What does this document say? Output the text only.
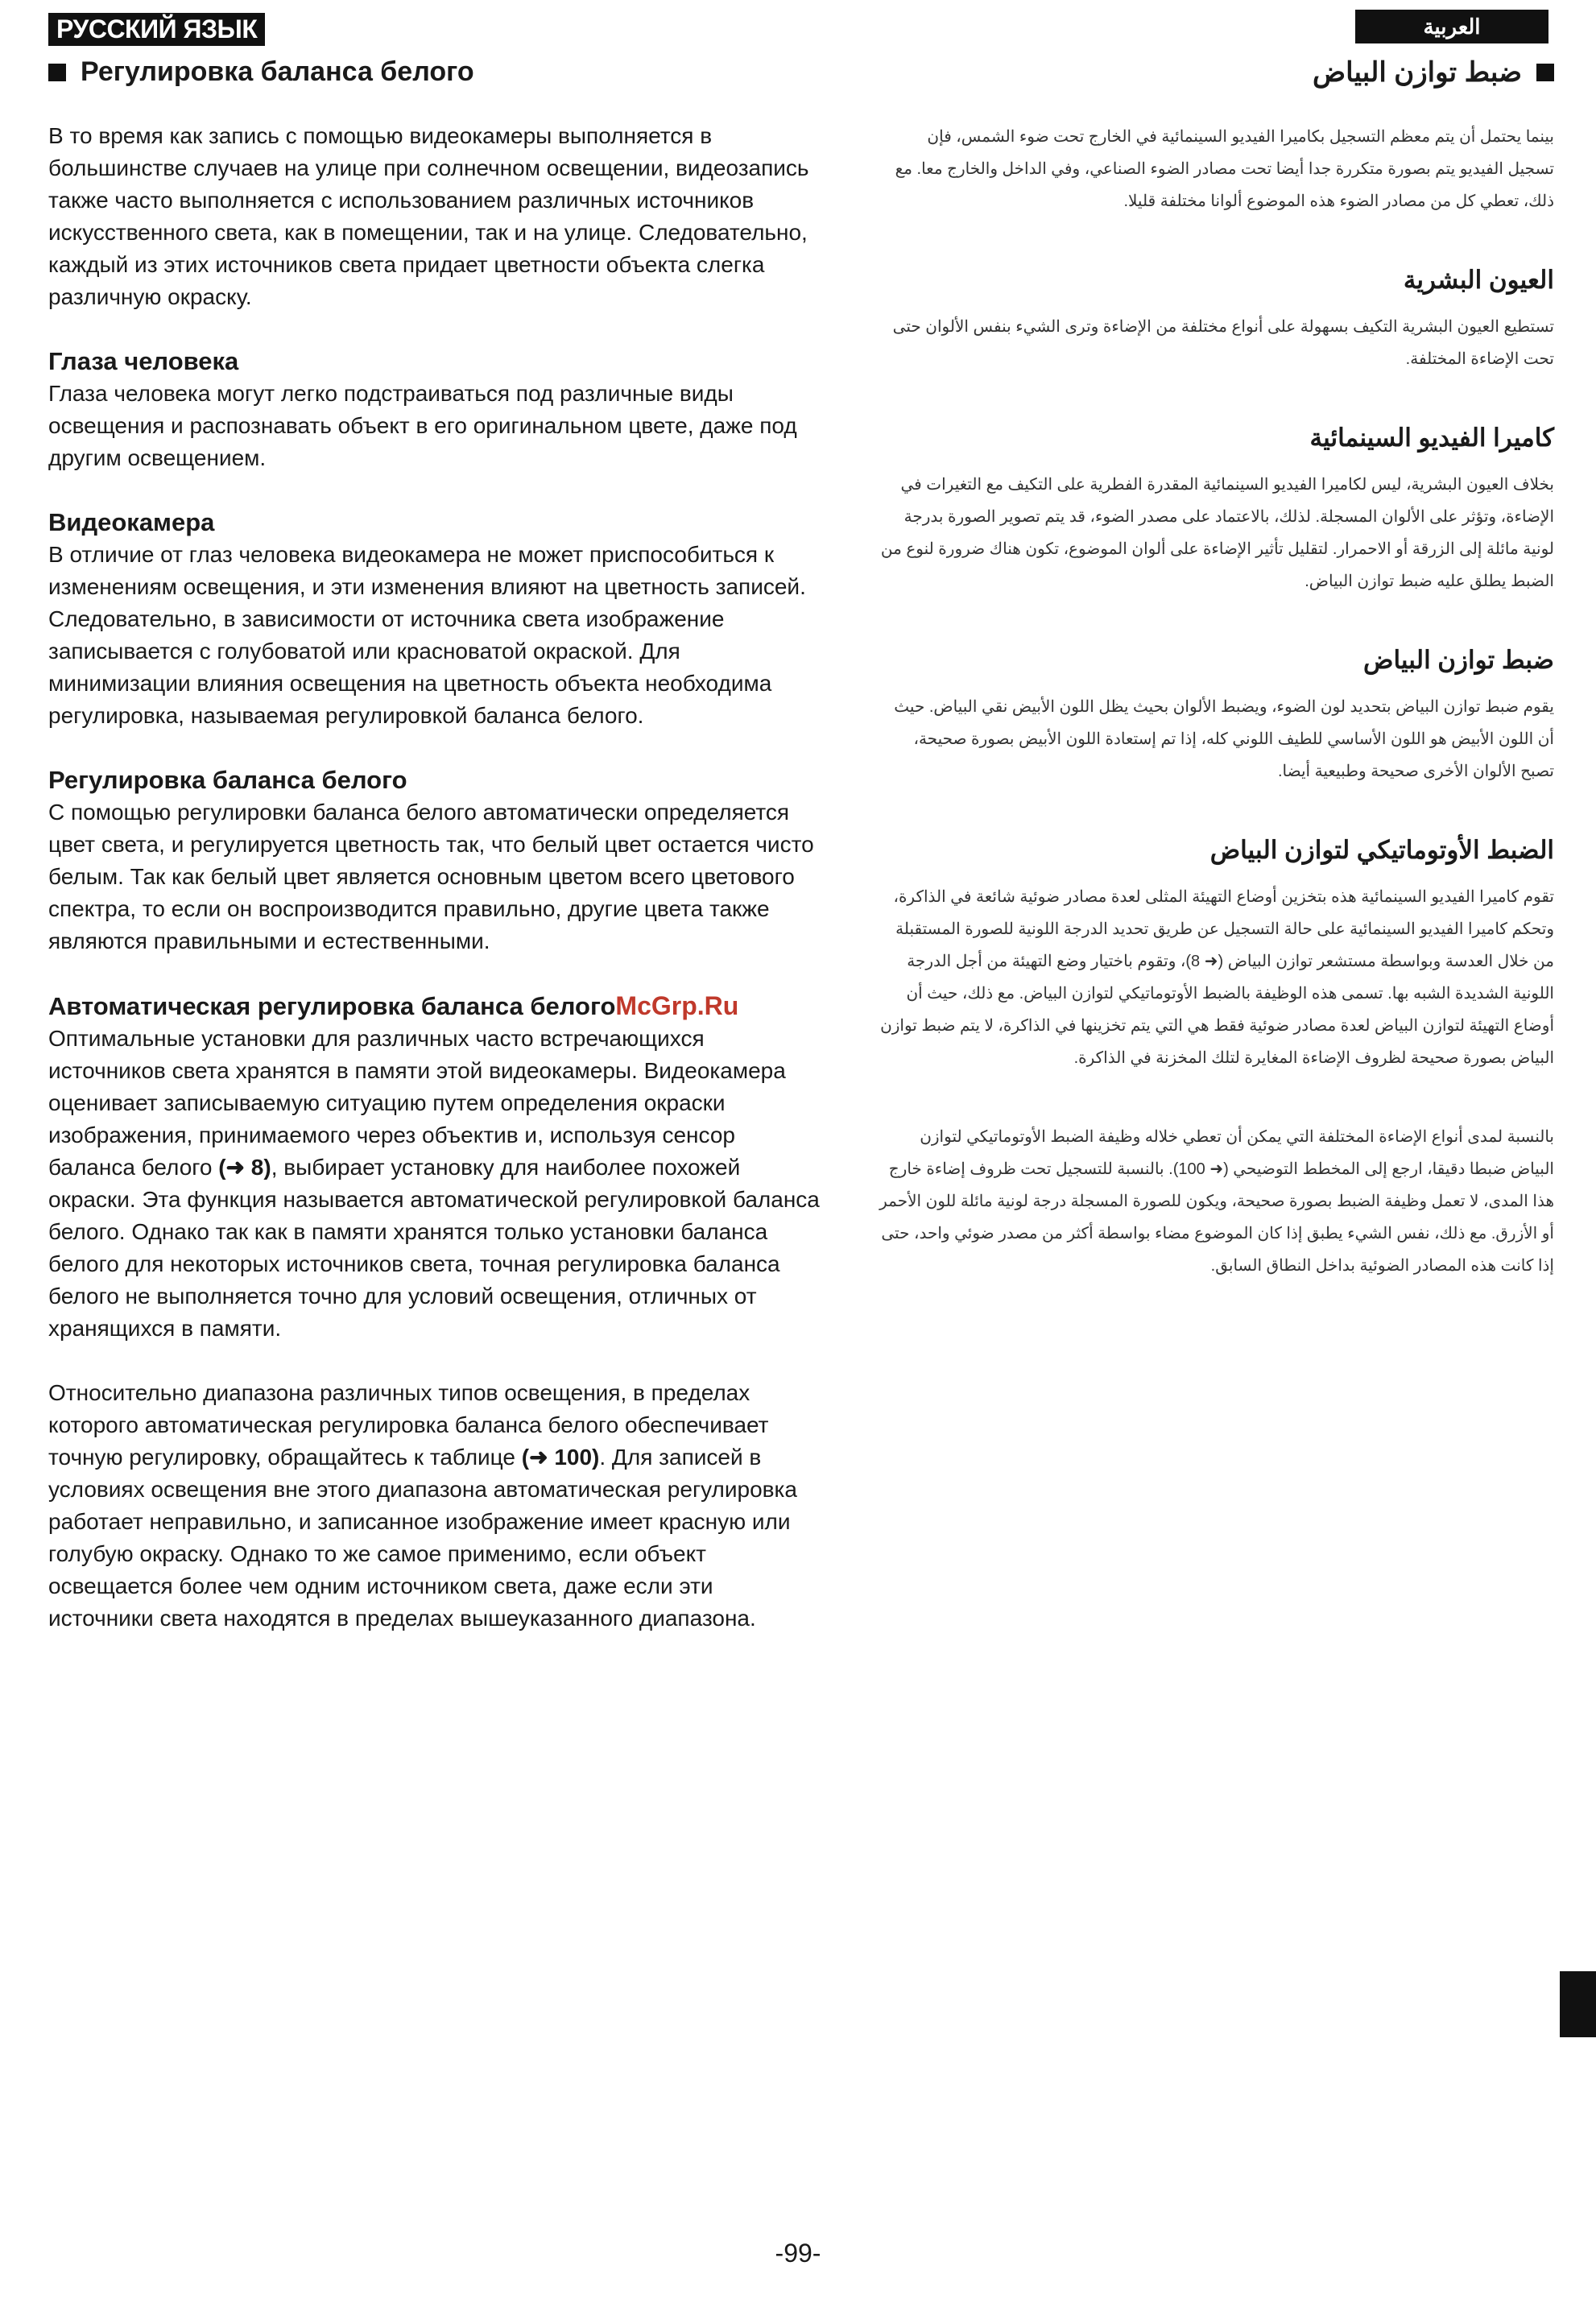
РУССКИЙ ЯЗЫК	العربية
Регулировка баланса белого

В то время как запись с помощью видеокамеры выполняется в большинстве случаев на улице при солнечном освещении, видеозапись также часто выполняется с использованием различных источников искусственного света, как в помещении, так и на улице. Следовательно, каждый из этих источников света придает цветности объекта слегка различную окраску.

Глаза человека

Глаза человека могут легко подстраиваться под различные виды освещения и распознавать объект в его оригинальном цвете, даже под другим освещением.

Видеокамера

В отличие от глаз человека видеокамера не может приспособиться к изменениям освещения, и эти изменения влияют на цветность записей.

Следовательно, в зависимости от источника света изображение записывается с голубоватой или красноватой окраской. Для минимизации влияния освещения на цветность объекта необходима регулировка, называемая регулировкой баланса белого.

Регулировка баланса белого

С помощью регулировки баланса белого автоматически определяется цвет света, и регулируется цветность так, что белый цвет остается чисто белым. Так как белый цвет является основным цветом всего цветового спектра, то если он воспроизводится правильно, другие цвета также являются правильными и естественными.

Автоматическая регулировка баланса белогоMcGrp.Ru

Оптимальные установки для различных часто встречающихся источников света хранятся в памяти этой видеокамеры. Видеокамера оценивает записываемую ситуацию путем определения окраски изображения, принимаемого через объектив и, используя сенсор баланса белого (➜ 8), выбирает установку для наиболее похожей окраски. Эта функция называется автоматической регулировкой баланса белого. Однако так как в памяти хранятся только установки баланса белого для некоторых источников света, точная регулировка баланса белого не выполняется точно для условий освещения, отличных от хранящихся в памяти.

Относительно диапазона различных типов освещения, в пределах которого автоматическая регулировка баланса белого обеспечивает точную регулировку, обращайтесь к таблице (➜ 100). Для записей в условиях освещения вне этого диапазона автоматическая регулировка работает неправильно, и записанное изображение имеет красную или голубую окраску. Однако то же самое применимо, если объект освещается более чем одним источником света, даже если эти источники света находятся в пределах вышеуказанного диапазона.

ضبط توازن البياض

بينما يحتمل أن يتم معظم التسجيل بكاميرا الفيديو السينمائية في الخارج تحت ضوء الشمس، فإن تسجيل الفيديو يتم بصورة متكررة جدا أيضا تحت مصادر الضوء الصناعي، وفي الداخل والخارج معا. مع ذلك، تعطي كل من مصادر الضوء هذه الموضوع ألوانا مختلفة قليلا.

العيون البشرية

تستطيع العيون البشرية التكيف بسهولة على أنواع مختلفة من الإضاءة وترى الشيء بنفس الألوان حتى تحت الإضاءة المختلفة.

كاميرا الفيديو السينمائية

بخلاف العيون البشرية، ليس لكاميرا الفيديو السينمائية المقدرة الفطرية على التكيف مع التغيرات في الإضاءة، وتؤثر على الألوان المسجلة. لذلك، بالاعتماد على مصدر الضوء، قد يتم تصوير الصورة بدرجة لونية مائلة إلى الزرقة أو الاحمرار. لتقليل تأثير الإضاءة على ألوان الموضوع، تكون هناك ضرورة لنوع من الضبط يطلق عليه ضبط توازن البياض.

ضبط توازن البياض

يقوم ضبط توازن البياض بتحديد لون الضوء، ويضبط الألوان بحيث يظل اللون الأبيض نقي البياض. حيث أن اللون الأبيض هو اللون الأساسي للطيف اللوني كله، إذا تم إستعادة اللون الأبيض بصورة صحيحة، تصبح الألوان الأخرى صحيحة وطبيعية أيضا.

الضبط الأوتوماتيكي لتوازن البياض

تقوم كاميرا الفيديو السينمائية هذه بتخزين أوضاع التهيئة المثلى لعدة مصادر ضوئية شائعة في الذاكرة، وتحكم كاميرا الفيديو السينمائية على حالة التسجيل عن طريق تحديد الدرجة اللونية للصورة المستقبلة من خلال العدسة وبواسطة مستشعر توازن البياض (➜ 8)، وتقوم باختيار وضع التهيئة من أجل الدرجة اللونية الشديدة الشبه بها. تسمى هذه الوظيفة بالضبط الأوتوماتيكي لتوازن البياض. مع ذلك، حيث أن أوضاع التهيئة لتوازن البياض لعدة مصادر ضوئية فقط هي التي يتم تخزينها في الذاكرة، لا يتم ضبط توازن البياض بصورة صحيحة لظروف الإضاءة المغايرة لتلك المخزنة في الذاكرة.

بالنسبة لمدى أنواع الإضاءة المختلفة التي يمكن أن تعطي خلاله وظيفة الضبط الأوتوماتيكي لتوازن البياض ضبطا دقيقا، ارجع إلى المخطط التوضيحي (➜ 100). بالنسبة للتسجيل تحت ظروف إضاءة خارج هذا المدى، لا تعمل وظيفة الضبط بصورة صحيحة، ويكون للصورة المسجلة درجة لونية مائلة للون الأحمر أو الأزرق. مع ذلك، نفس الشيء يطبق إذا كان الموضوع مضاء بواسطة أكثر من مصدر ضوئي واحد، حتى إذا كانت هذه المصادر الضوئية بداخل النطاق السابق.

-99-
